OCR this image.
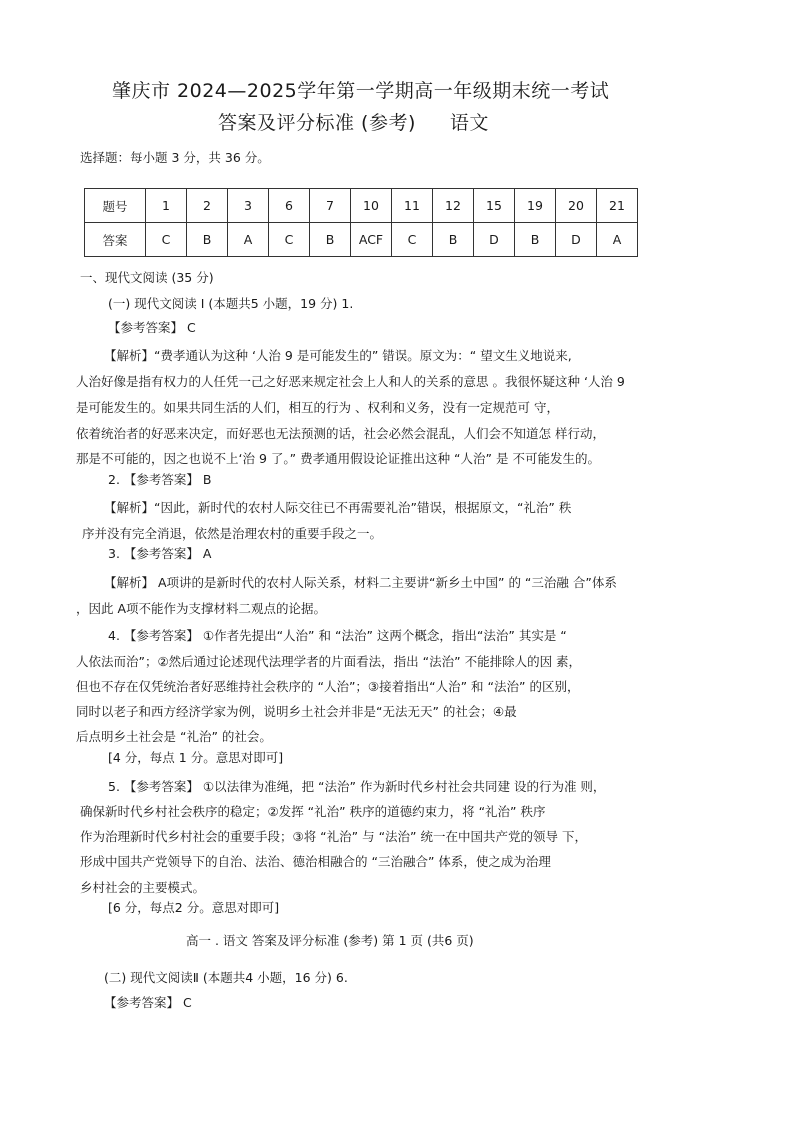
肇庆市 2024—2025学年第一学期高一年级期末统一考试
答案及评分标准 (参考) 语文
选择题：每小题 3 分，共 36 分。
题号	1	2	3	6	7	10	11	12	15	19	20	21
答案	C	B	A	C	B	ACF	C	B	D	B	D	A
一、现代文阅读 (35 分)
(一) 现代文阅读 I (本题共5 小题，19 分) 1.
【参考答案】 C
【解析】“费孝通认为这种 ‘人治 9 是可能发生的” 错误。原文为：“ 望文生义地说来,
人治好像是指有权力的人任凭一己之好恶来规定社会上人和人的关系的意思 。我很怀疑这种 ‘人治 9
是可能发生的。如果共同生活的人们，相互的行为 、权利和义务，没有一定规范可 守，
依着统治者的好恶来决定，而好恶也无法预测的话，社会必然会混乱，人们会不知道怎 样行动，
那是不可能的，因之也说不上‘治 9 了。” 费孝通用假设论证推出这种 “人治” 是 不可能发生的。
2. 【参考答案】 B
【解析】“因此，新时代的农村人际交往已不再需要礼治”错误，根据原文，“礼治” 秩
序并没有完全消退，依然是治理农村的重要手段之一。
3. 【参考答案】 A
【解析】 A项讲的是新时代的农村人际关系，材料二主要讲“新乡土中国” 的 “三治融 合”体系
，因此 A项不能作为支撑材料二观点的论据。
4. 【参考答案】 ①作者先提出“人治” 和 “法治” 这两个概念，指出“法治” 其实是 “
人依法而治”；②然后通过论述现代法理学者的片面看法，指出 “法治” 不能排除人的因 素，
但也不存在仅凭统治者好恶维持社会秩序的 “人治”；③接着指出“人治” 和 “法治” 的区别，
同时以老子和西方经济学家为例，说明乡土社会并非是“无法无天” 的社会；④最
后点明乡土社会是 “礼治” 的社会。
[4 分，每点 1 分。意思对即可]
5. 【参考答案】 ①以法律为准绳，把 “法治” 作为新时代乡村社会共同建 设的行为准 则，
确保新时代乡村社会秩序的稳定；②发挥 “礼治” 秩序的道德约束力，将 “礼治” 秩序
作为治理新时代乡村社会的重要手段；③将 “礼治” 与 “法治” 统一在中国共产党的领导 下，
形成中国共产党领导下的自治、法治、德治相融合的 “三治融合” 体系，使之成为治理
乡村社会的主要模式。
[6 分，每点2 分。意思对即可]
高一 . 语文 答案及评分标准 (参考) 第 1 页 (共6 页)
(二) 现代文阅读Ⅱ (本题共4 小题，16 分) 6.
【参考答案】 C
